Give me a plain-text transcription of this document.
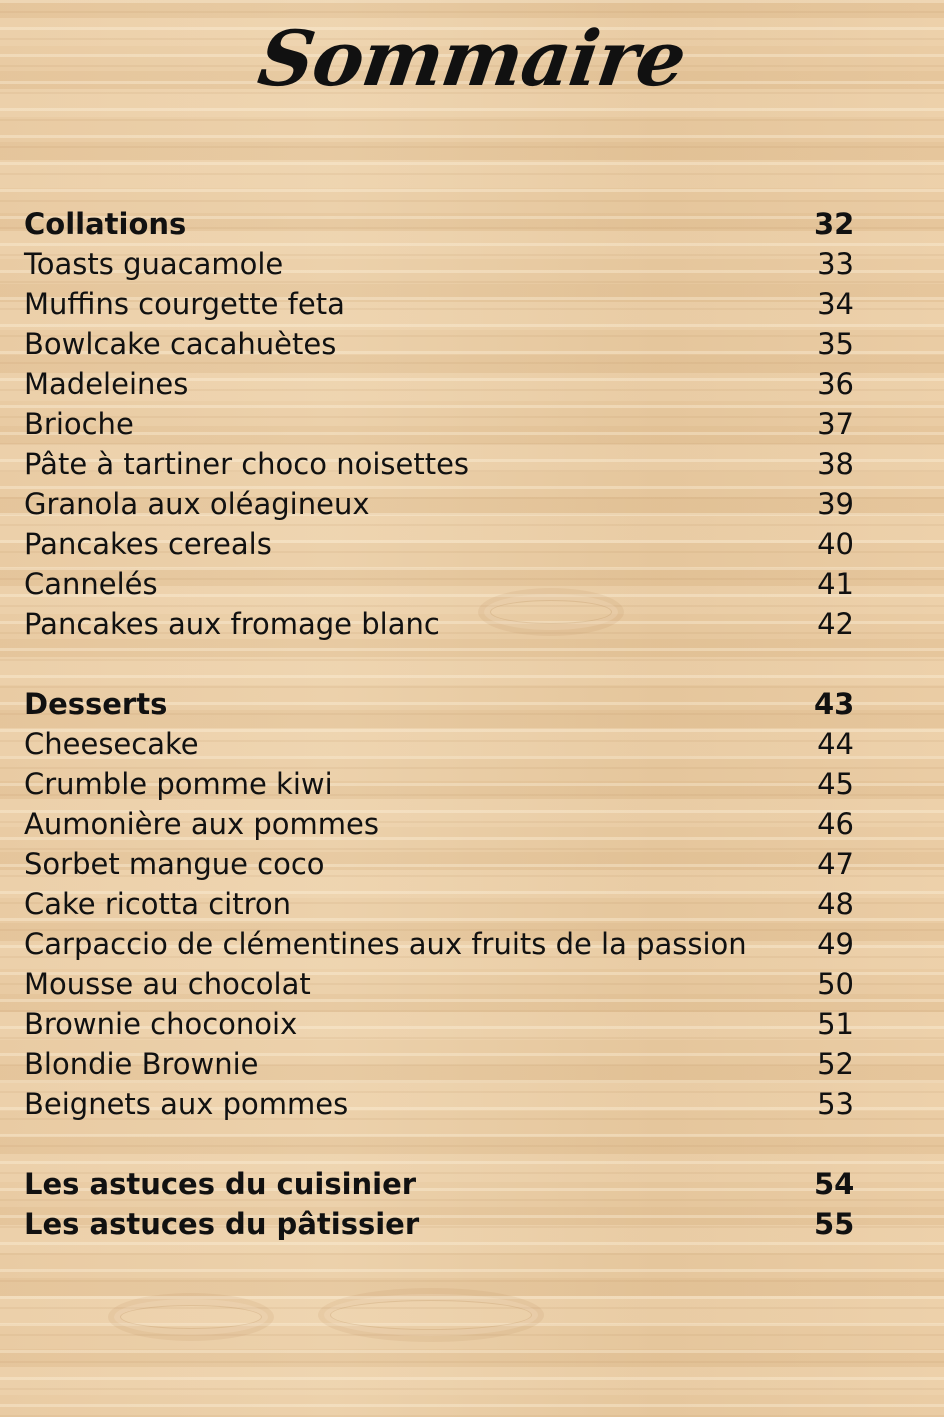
Sommaire
Collations	32
Toasts guacamole	33
Muffins courgette feta	34
Bowlcake cacahuètes	35
Madeleines	36
Brioche	37
Pâte à tartiner choco noisettes	38
Granola aux oléagineux	39
Pancakes cereals	40
Cannelés	41
Pancakes aux fromage blanc	42
Desserts	43
Cheesecake	44
Crumble pomme kiwi	45
Aumonière aux pommes	46
Sorbet mangue coco	47
Cake ricotta citron	48
Carpaccio de clémentines aux fruits de la passion 49
Mousse au chocolat	50
Brownie choconoix	51
Blondie Brownie	52
Beignets aux pommes	53
Les astuces du cuisinier	54
Les astuces du pâtissier	55
